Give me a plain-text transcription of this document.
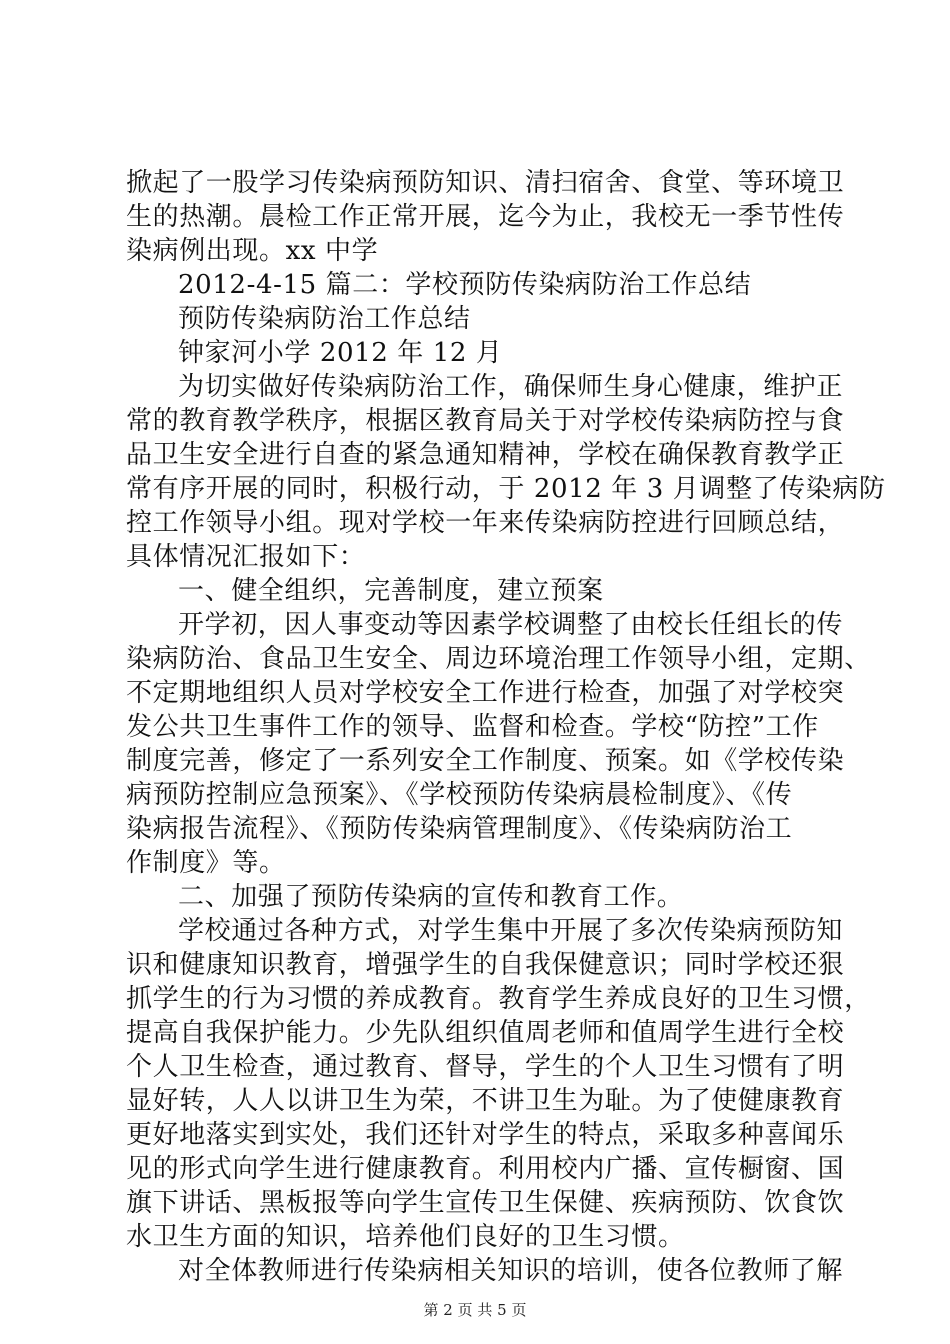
掀起了一股学习传染病预防知识、清扫宿舍、食堂、等环境卫
生的热潮。晨检工作正常开展，迄今为止，我校无一季节性传
染病例出现。xx 中学
2012-4-15 篇二：学校预防传染病防治工作总结
预防传染病防治工作总结
钟家河小学 2012 年 12 月
为切实做好传染病防治工作，确保师生身心健康，维护正
常的教育教学秩序，根据区教育局关于对学校传染病防控与食
品卫生安全进行自查的紧急通知精神，学校在确保教育教学正
常有序开展的同时，积极行动，于 2012 年 3 月调整了传染病防
控工作领导小组。现对学校一年来传染病防控进行回顾总结，
具体情况汇报如下：
一、健全组织，完善制度，建立预案
开学初，因人事变动等因素学校调整了由校长任组长的传
染病防治、食品卫生安全、周边环境治理工作领导小组，定期、
不定期地组织人员对学校安全工作进行检查，加强了对学校突
发公共卫生事件工作的领导、监督和检查。学校“防控”工作
制度完善，修定了一系列安全工作制度、预案。如《学校传染
病预防控制应急预案》、《学校预防传染病晨检制度》、《传
染病报告流程》、《预防传染病管理制度》、《传染病防治工
作制度》等。
二、加强了预防传染病的宣传和教育工作。
学校通过各种方式，对学生集中开展了多次传染病预防知
识和健康知识教育，增强学生的自我保健意识；同时学校还狠
抓学生的行为习惯的养成教育。教育学生养成良好的卫生习惯，
提高自我保护能力。少先队组织值周老师和值周学生进行全校
个人卫生检查，通过教育、督导，学生的个人卫生习惯有了明
显好转，人人以讲卫生为荣，不讲卫生为耻。为了使健康教育
更好地落实到实处，我们还针对学生的特点，采取多种喜闻乐
见的形式向学生进行健康教育。利用校内广播、宣传橱窗、国
旗下讲话、黑板报等向学生宣传卫生保健、疾病预防、饮食饮
水卫生方面的知识，培养他们良好的卫生习惯。
对全体教师进行传染病相关知识的培训，使各位教师了解
第 2 页 共 5 页
